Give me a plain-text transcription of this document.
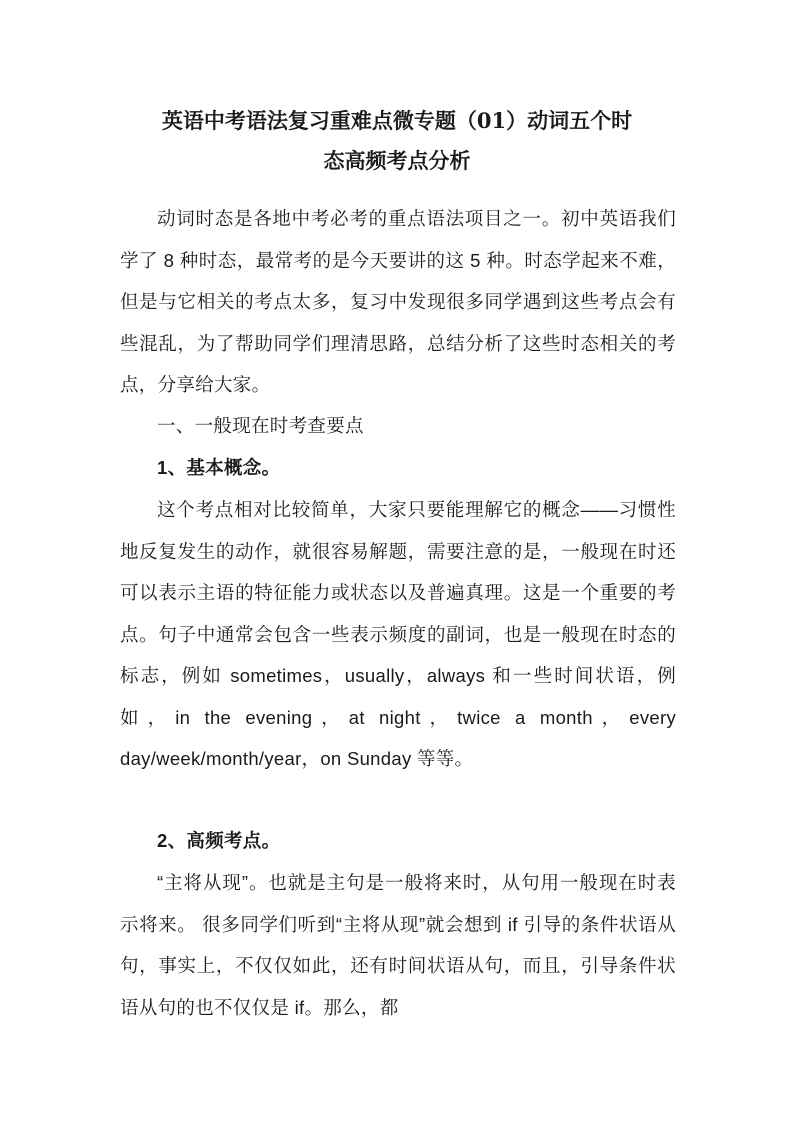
英语中考语法复习重难点微专题（01）动词五个时
态高频考点分析

动词时态是各地中考必考的重点语法项目之一。初中英语我们学了 8 种时态，最常考的是今天要讲的这 5 种。时态学起来不难，但是与它相关的考点太多，复习中发现很多同学遇到这些考点会有些混乱，为了帮助同学们理清思路，总结分析了这些时态相关的考点，分享给大家。

一、一般现在时考查要点

1、基本概念。

这个考点相对比较简单，大家只要能理解它的概念——习惯性地反复发生的动作，就很容易解题，需要注意的是，一般现在时还可以表示主语的特征能力或状态以及普遍真理。这是一个重要的考点。句子中通常会包含一些表示频度的副词，也是一般现在时态的标志，例如 sometimes，usually，always 和一些时间状语，例如，in the evening，at night，twice a month，every day/week/month/year，on Sunday 等等。

2、高频考点。

“主将从现”。也就是主句是一般将来时，从句用一般现在时表示将来。 很多同学们听到“主将从现”就会想到 if 引导的条件状语从句，事实上，不仅仅如此，还有时间状语从句，而且，引导条件状语从句的也不仅仅是 if。那么，都
